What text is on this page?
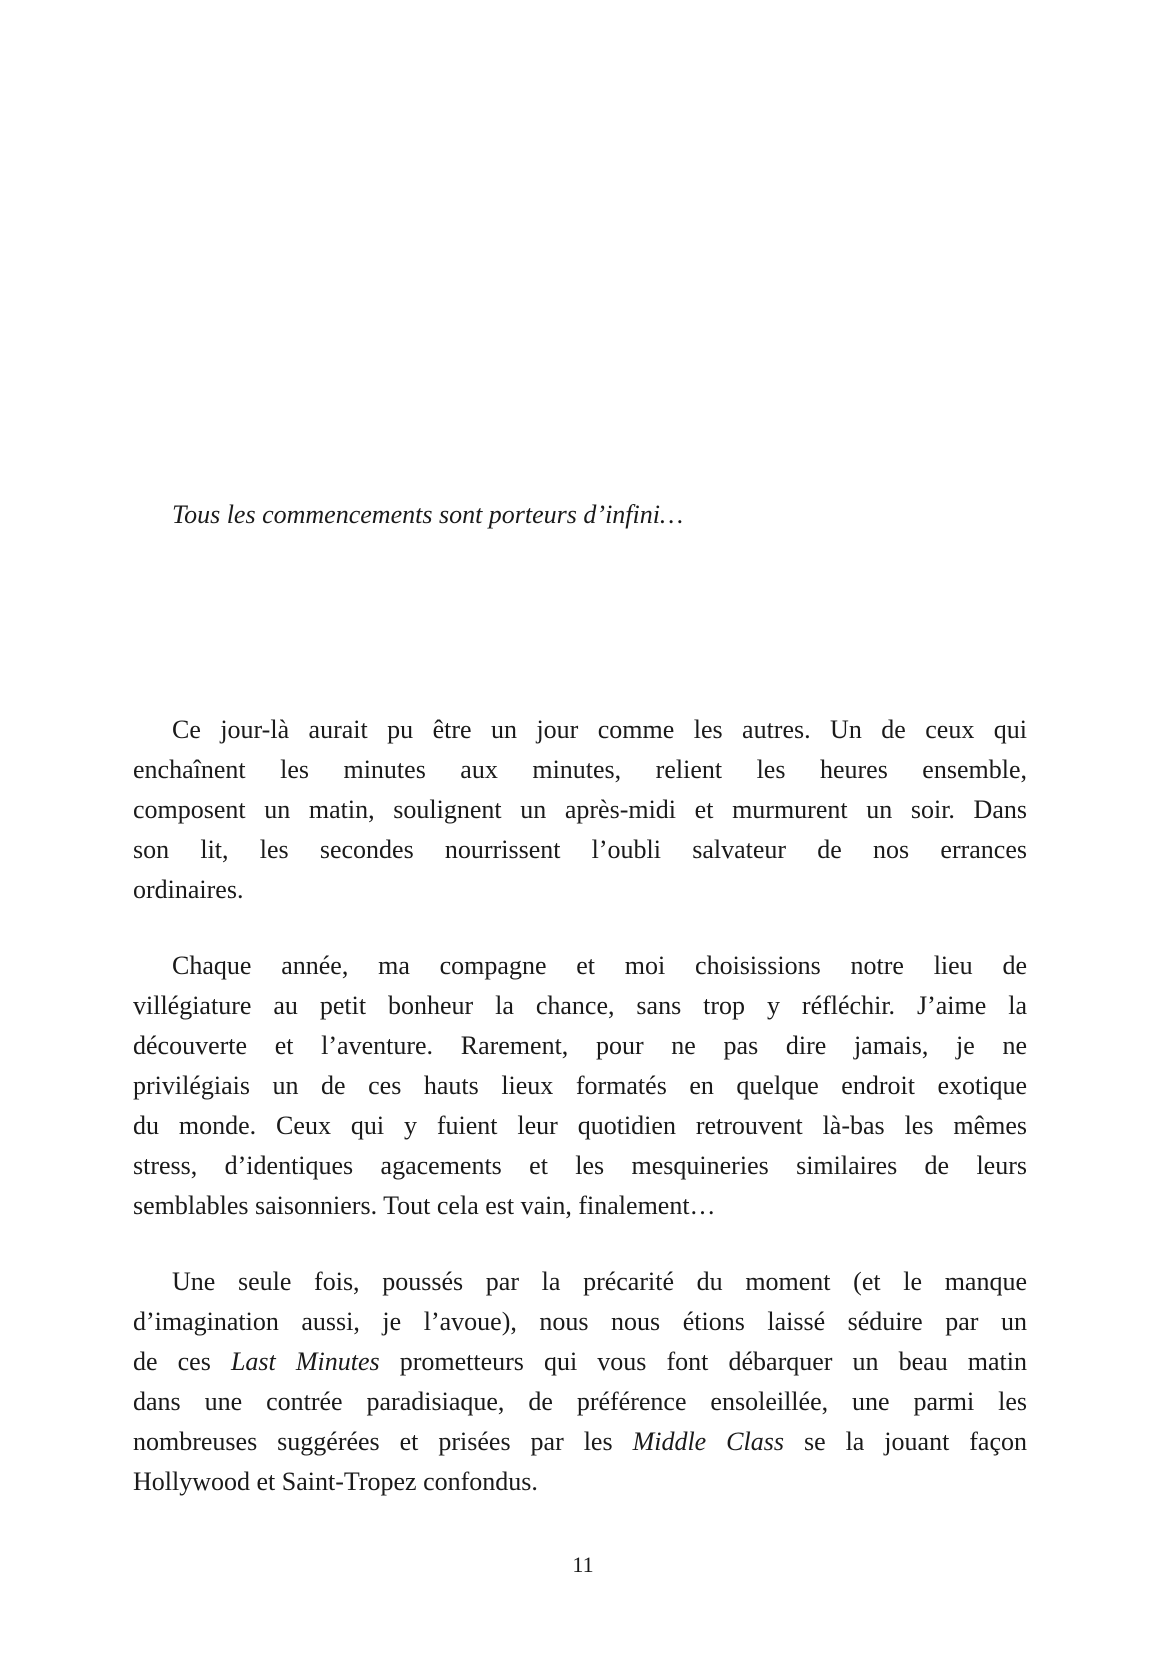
Tous les commencements sont porteurs d’infini…
Ce jour-là aurait pu être un jour comme les autres. Un de ceux qui
enchaînent les minutes aux minutes, relient les heures ensemble,
composent un matin, soulignent un après-midi et murmurent un soir. Dans
son lit, les secondes nourrissent l’oubli salvateur de nos errances
ordinaires.
Chaque année, ma compagne et moi choisissions notre lieu de
villégiature au petit bonheur la chance, sans trop y réfléchir. J’aime la
découverte et l’aventure. Rarement, pour ne pas dire jamais, je ne
privilégiais un de ces hauts lieux formatés en quelque endroit exotique
du monde. Ceux qui y fuient leur quotidien retrouvent là-bas les mêmes
stress, d’identiques agacements et les mesquineries similaires de leurs
semblables saisonniers. Tout cela est vain, finalement…
Une seule fois, poussés par la précarité du moment (et le manque
d’imagination aussi, je l’avoue), nous nous étions laissé séduire par un
de ces Last Minutes prometteurs qui vous font débarquer un beau matin
dans une contrée paradisiaque, de préférence ensoleillée, une parmi les
nombreuses suggérées et prisées par les Middle Class se la jouant façon
Hollywood et Saint-Tropez confondus.
11
